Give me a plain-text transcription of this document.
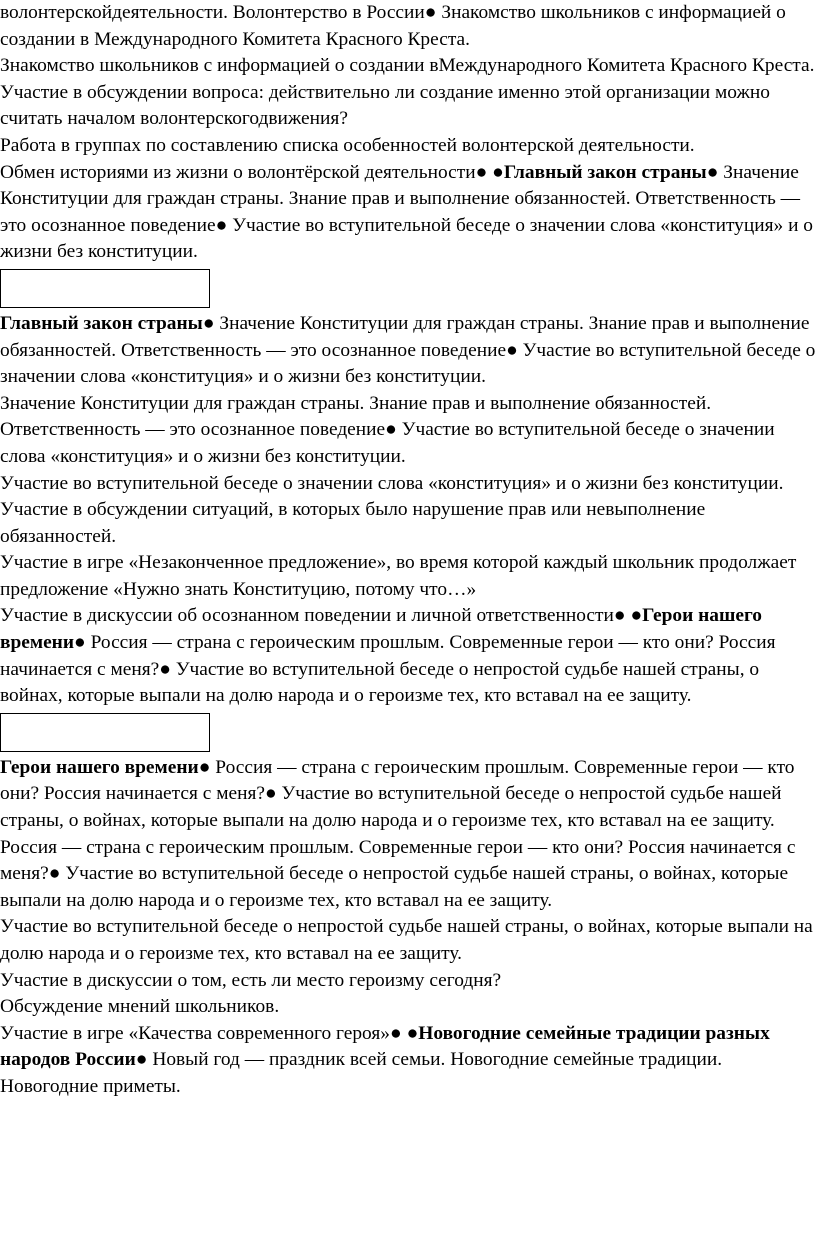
волонтерскойдеятельности. Волонтерство в России● Знакомство школьников с информацией о создании в Международного Комитета Красного Креста.

Знакомство школьников с информацией о создании вМеждународного Комитета Красного Креста.

Участие в обсуждении вопроса: действительно ли создание именно этой организации можно считать началом волонтерскогодвижения?

Работа в группах по составлению списка особенностей волонтерской деятельности.

Обмен историями из жизни о волонтёрской деятельности● ●Главный закон страны● Значение Конституции для граждан страны. Знание прав и выполнение обязанностей. Ответственность — это осознанное поведение● Участие во вступительной беседе о значении слова «конституция» и о жизни без конституции.

Главный закон страны● Значение Конституции для граждан страны. Знание прав и выполнение обязанностей. Ответственность — это осознанное поведение● Участие во вступительной беседе о значении слова «конституция» и о жизни без конституции.

Значение Конституции для граждан страны. Знание прав и выполнение обязанностей. Ответственность — это осознанное поведение● Участие во вступительной беседе о значении слова «конституция» и о жизни без конституции.

Участие во вступительной беседе о значении слова «конституция» и о жизни без конституции.

Участие в обсуждении ситуаций, в которых было нарушение прав или невыполнение обязанностей.

Участие в игре «Незаконченное предложение», во время которой каждый школьник продолжает предложение «Нужно знать Конституцию, потому что…»

Участие в дискуссии об осознанном поведении и личной ответственности● ●Герои нашего времени● Россия — страна с героическим прошлым. Современные герои — кто они? Россия начинается с меня?● Участие во вступительной беседе о непростой судьбе нашей страны, о войнах, которые выпали на долю народа и о героизме тех, кто вставал на ее защиту.

Герои нашего времени● Россия — страна с героическим прошлым. Современные герои — кто они? Россия начинается с меня?● Участие во вступительной беседе о непростой судьбе нашей страны, о войнах, которые выпали на долю народа и о героизме тех, кто вставал на ее защиту.

Россия — страна с героическим прошлым. Современные герои — кто они? Россия начинается с меня?● Участие во вступительной беседе о непростой судьбе нашей страны, о войнах, которые выпали на долю народа и о героизме тех, кто вставал на ее защиту.

Участие во вступительной беседе о непростой судьбе нашей страны, о войнах, которые выпали на долю народа и о героизме тех, кто вставал на ее защиту.

Участие в дискуссии о том, есть ли место героизму сегодня?

Обсуждение мнений школьников.

Участие в игре «Качества современного героя»● ●Новогодние семейные традиции разных народов России● Новый год — праздник всей семьи. Новогодние семейные традиции. Новогодние приметы.
